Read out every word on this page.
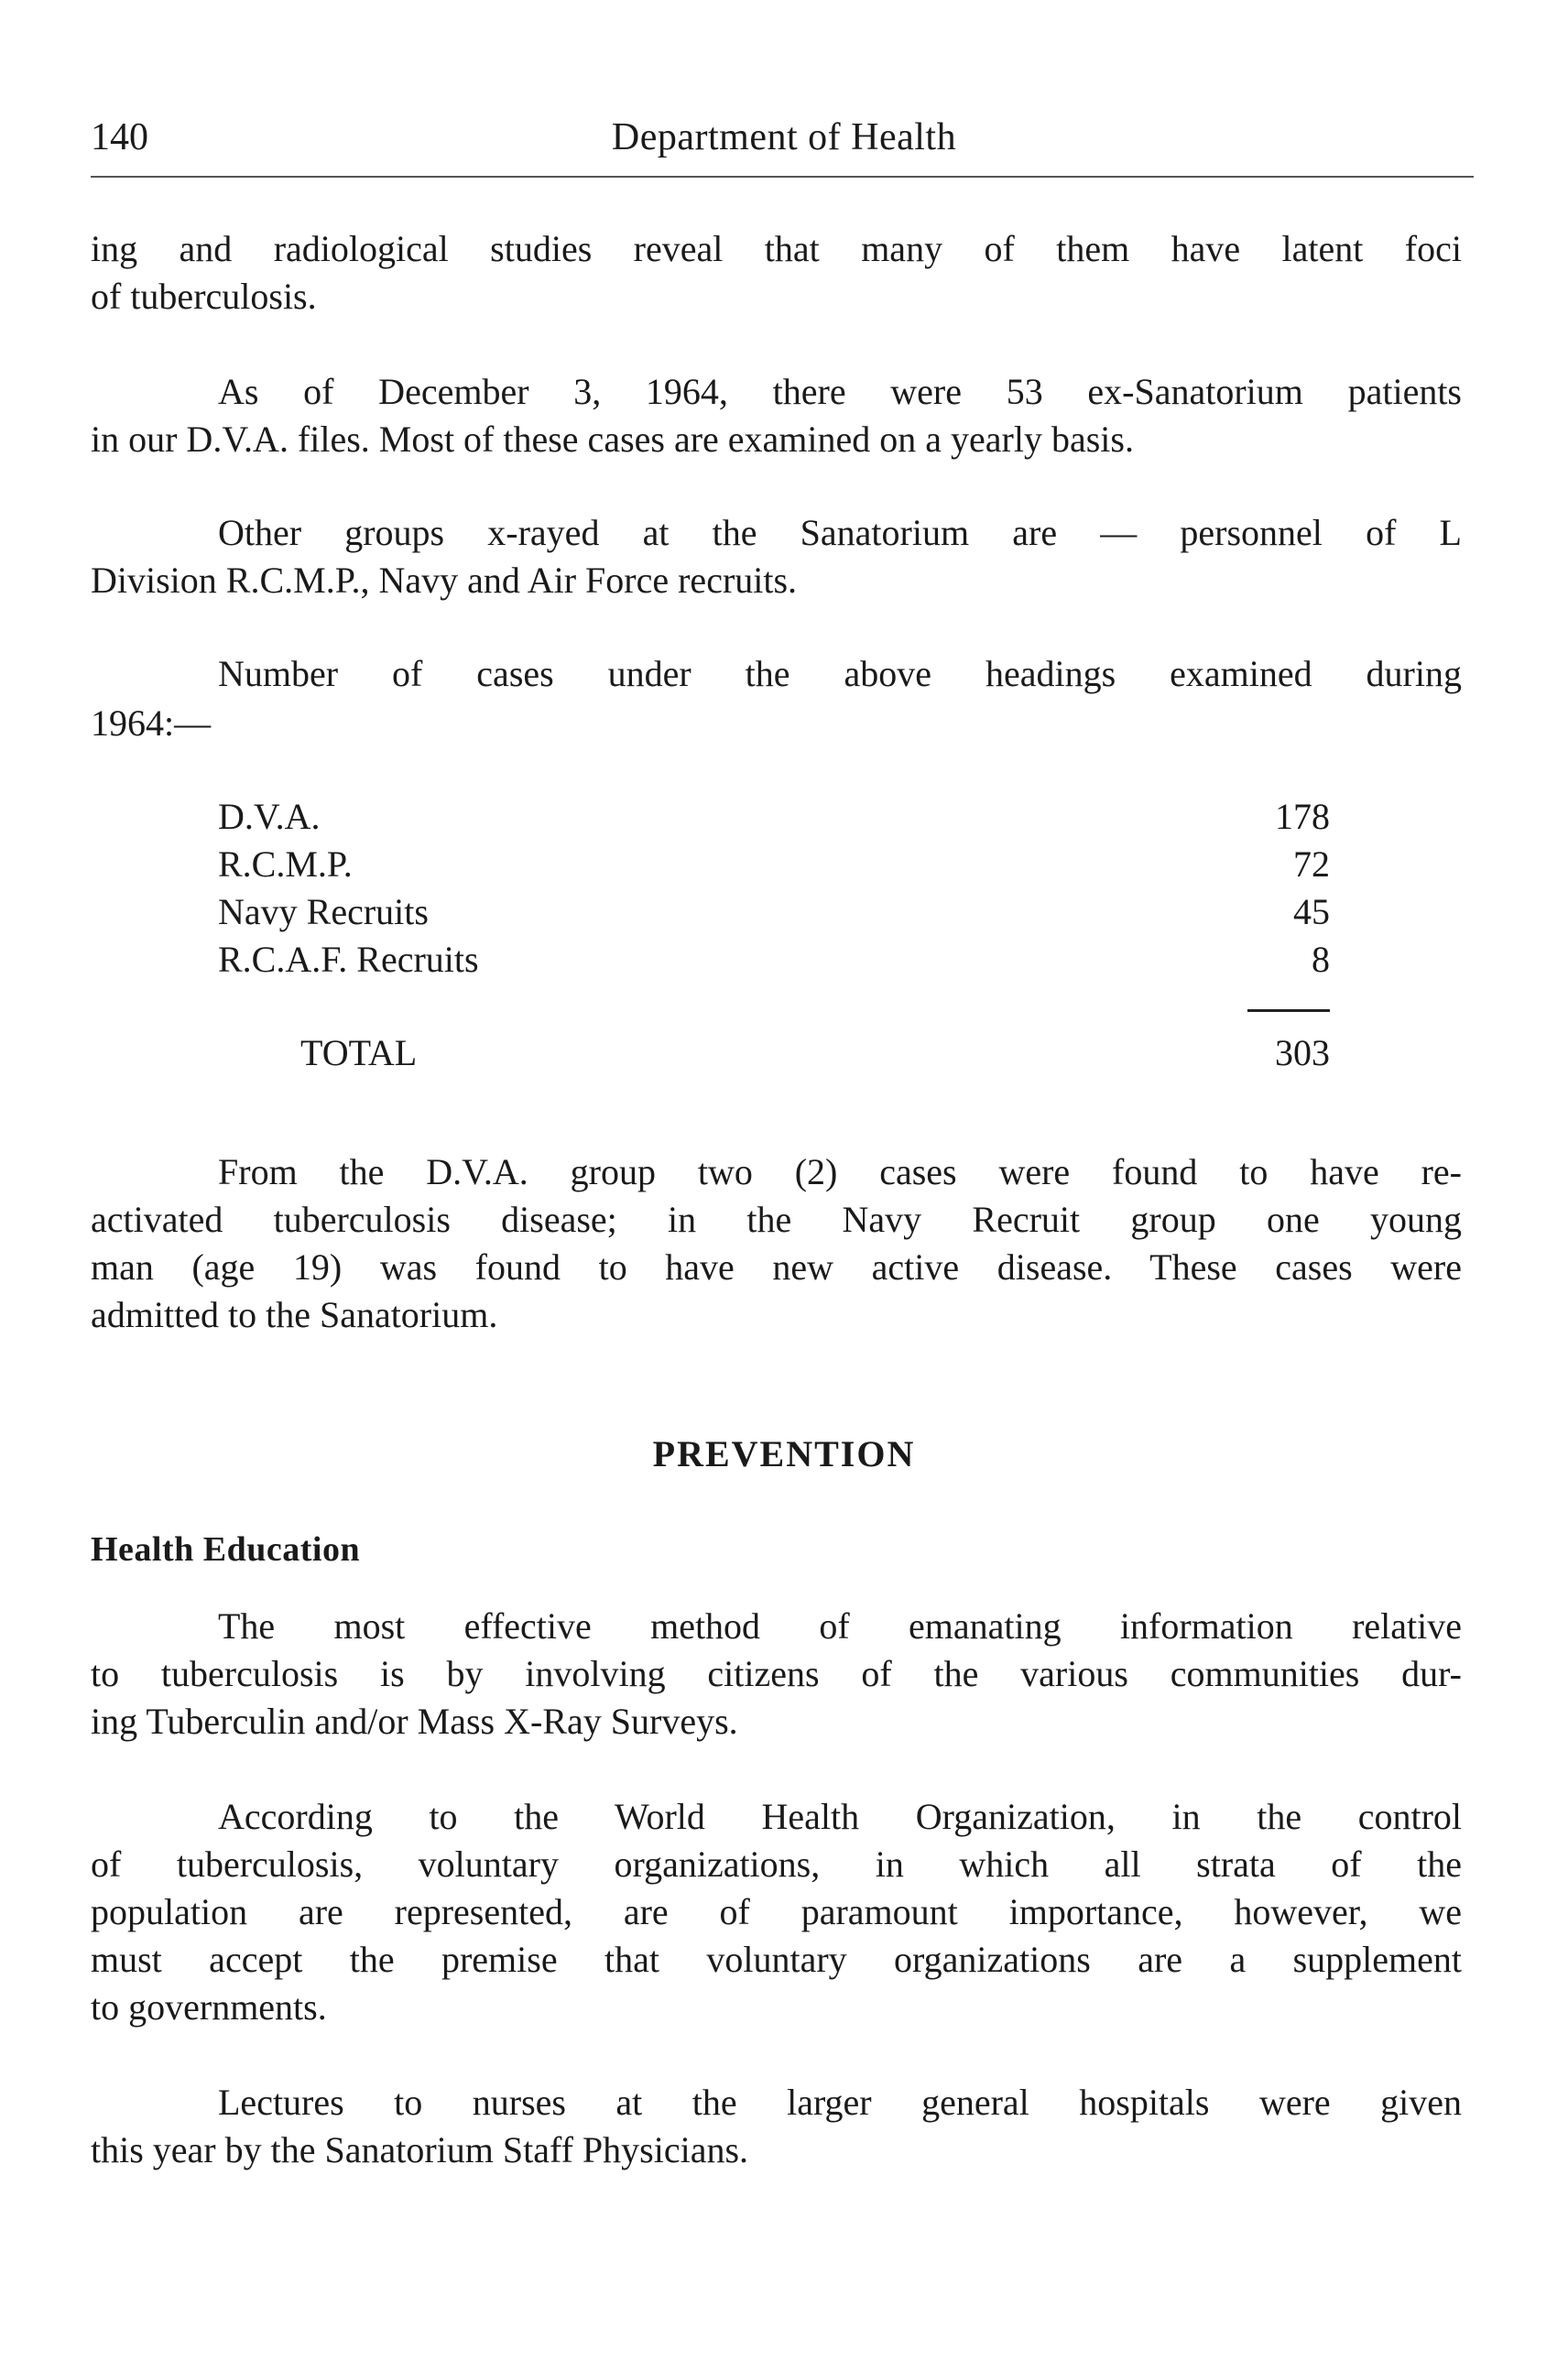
140	Department of Health
ing and radiological studies reveal that many of them have latent foci
of tuberculosis.
As of December 3, 1964, there were 53 ex-Sanatorium patients
in our D.V.A. files. Most of these cases are examined on a yearly basis.
Other groups x-rayed at the Sanatorium are — personnel of L
Division R.C.M.P., Navy and Air Force recruits.
Number of cases under the above headings examined during
1964:—
D.V.A.	178
R.C.M.P.	72
Navy Recruits	45
R.C.A.F. Recruits	8
TOTAL	303
From the D.V.A. group two (2) cases were found to have re-
activated tuberculosis disease; in the Navy Recruit group one young
man (age 19) was found to have new active disease. These cases were
admitted to the Sanatorium.
PREVENTION
Health Education
The most effective method of emanating information relative
to tuberculosis is by involving citizens of the various communities dur-
ing Tuberculin and/or Mass X-Ray Surveys.
According to the World Health Organization, in the control
of tuberculosis, voluntary organizations, in which all strata of the
population are represented, are of paramount importance, however, we
must accept the premise that voluntary organizations are a supplement
to governments.
Lectures to nurses at the larger general hospitals were given
this year by the Sanatorium Staff Physicians.
